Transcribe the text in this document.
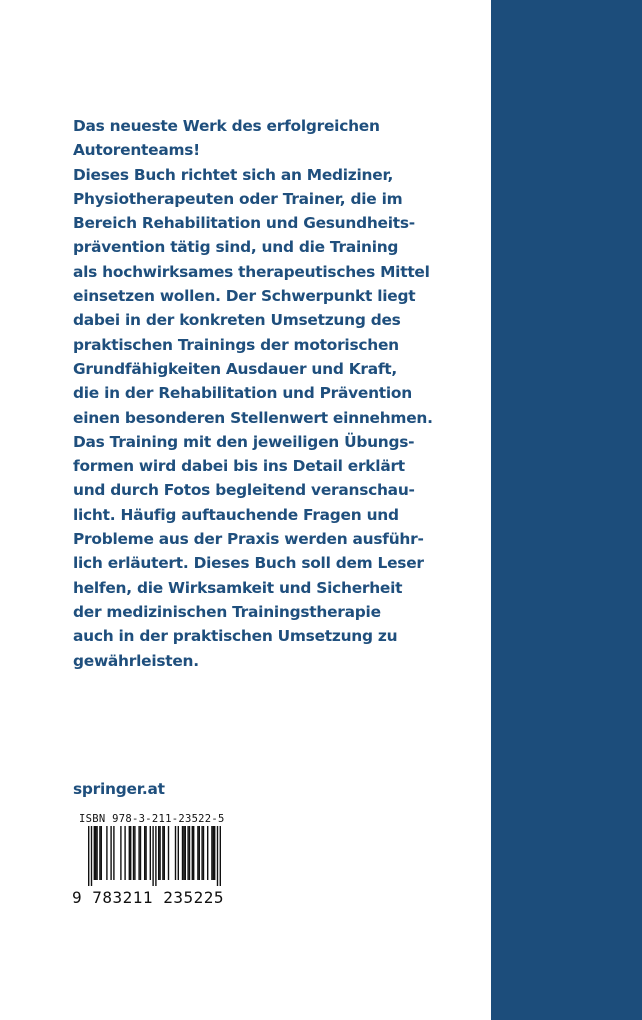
Das neueste Werk des erfolgreichen
Autorenteams!
Dieses Buch richtet sich an Mediziner,
Physiotherapeuten oder Trainer, die im
Bereich Rehabilitation und Gesundheits-
prävention tätig sind, und die Training
als hochwirksames therapeutisches Mittel
einsetzen wollen. Der Schwerpunkt liegt
dabei in der konkreten Umsetzung des
praktischen Trainings der motorischen
Grundfähigkeiten Ausdauer und Kraft,
die in der Rehabilitation und Prävention
einen besonderen Stellenwert einnehmen.
Das Training mit den jeweiligen Übungs-
formen wird dabei bis ins Detail erklärt
und durch Fotos begleitend veranschau-
licht. Häufig auftauchende Fragen und
Probleme aus der Praxis werden ausführ-
lich erläutert. Dieses Buch soll dem Leser
helfen, die Wirksamkeit und Sicherheit
der medizinischen Trainingstherapie
auch in der praktischen Umsetzung zu
gewährleisten.
springer.at
ISBN 978-3-211-23522-5
9 783211 235225
